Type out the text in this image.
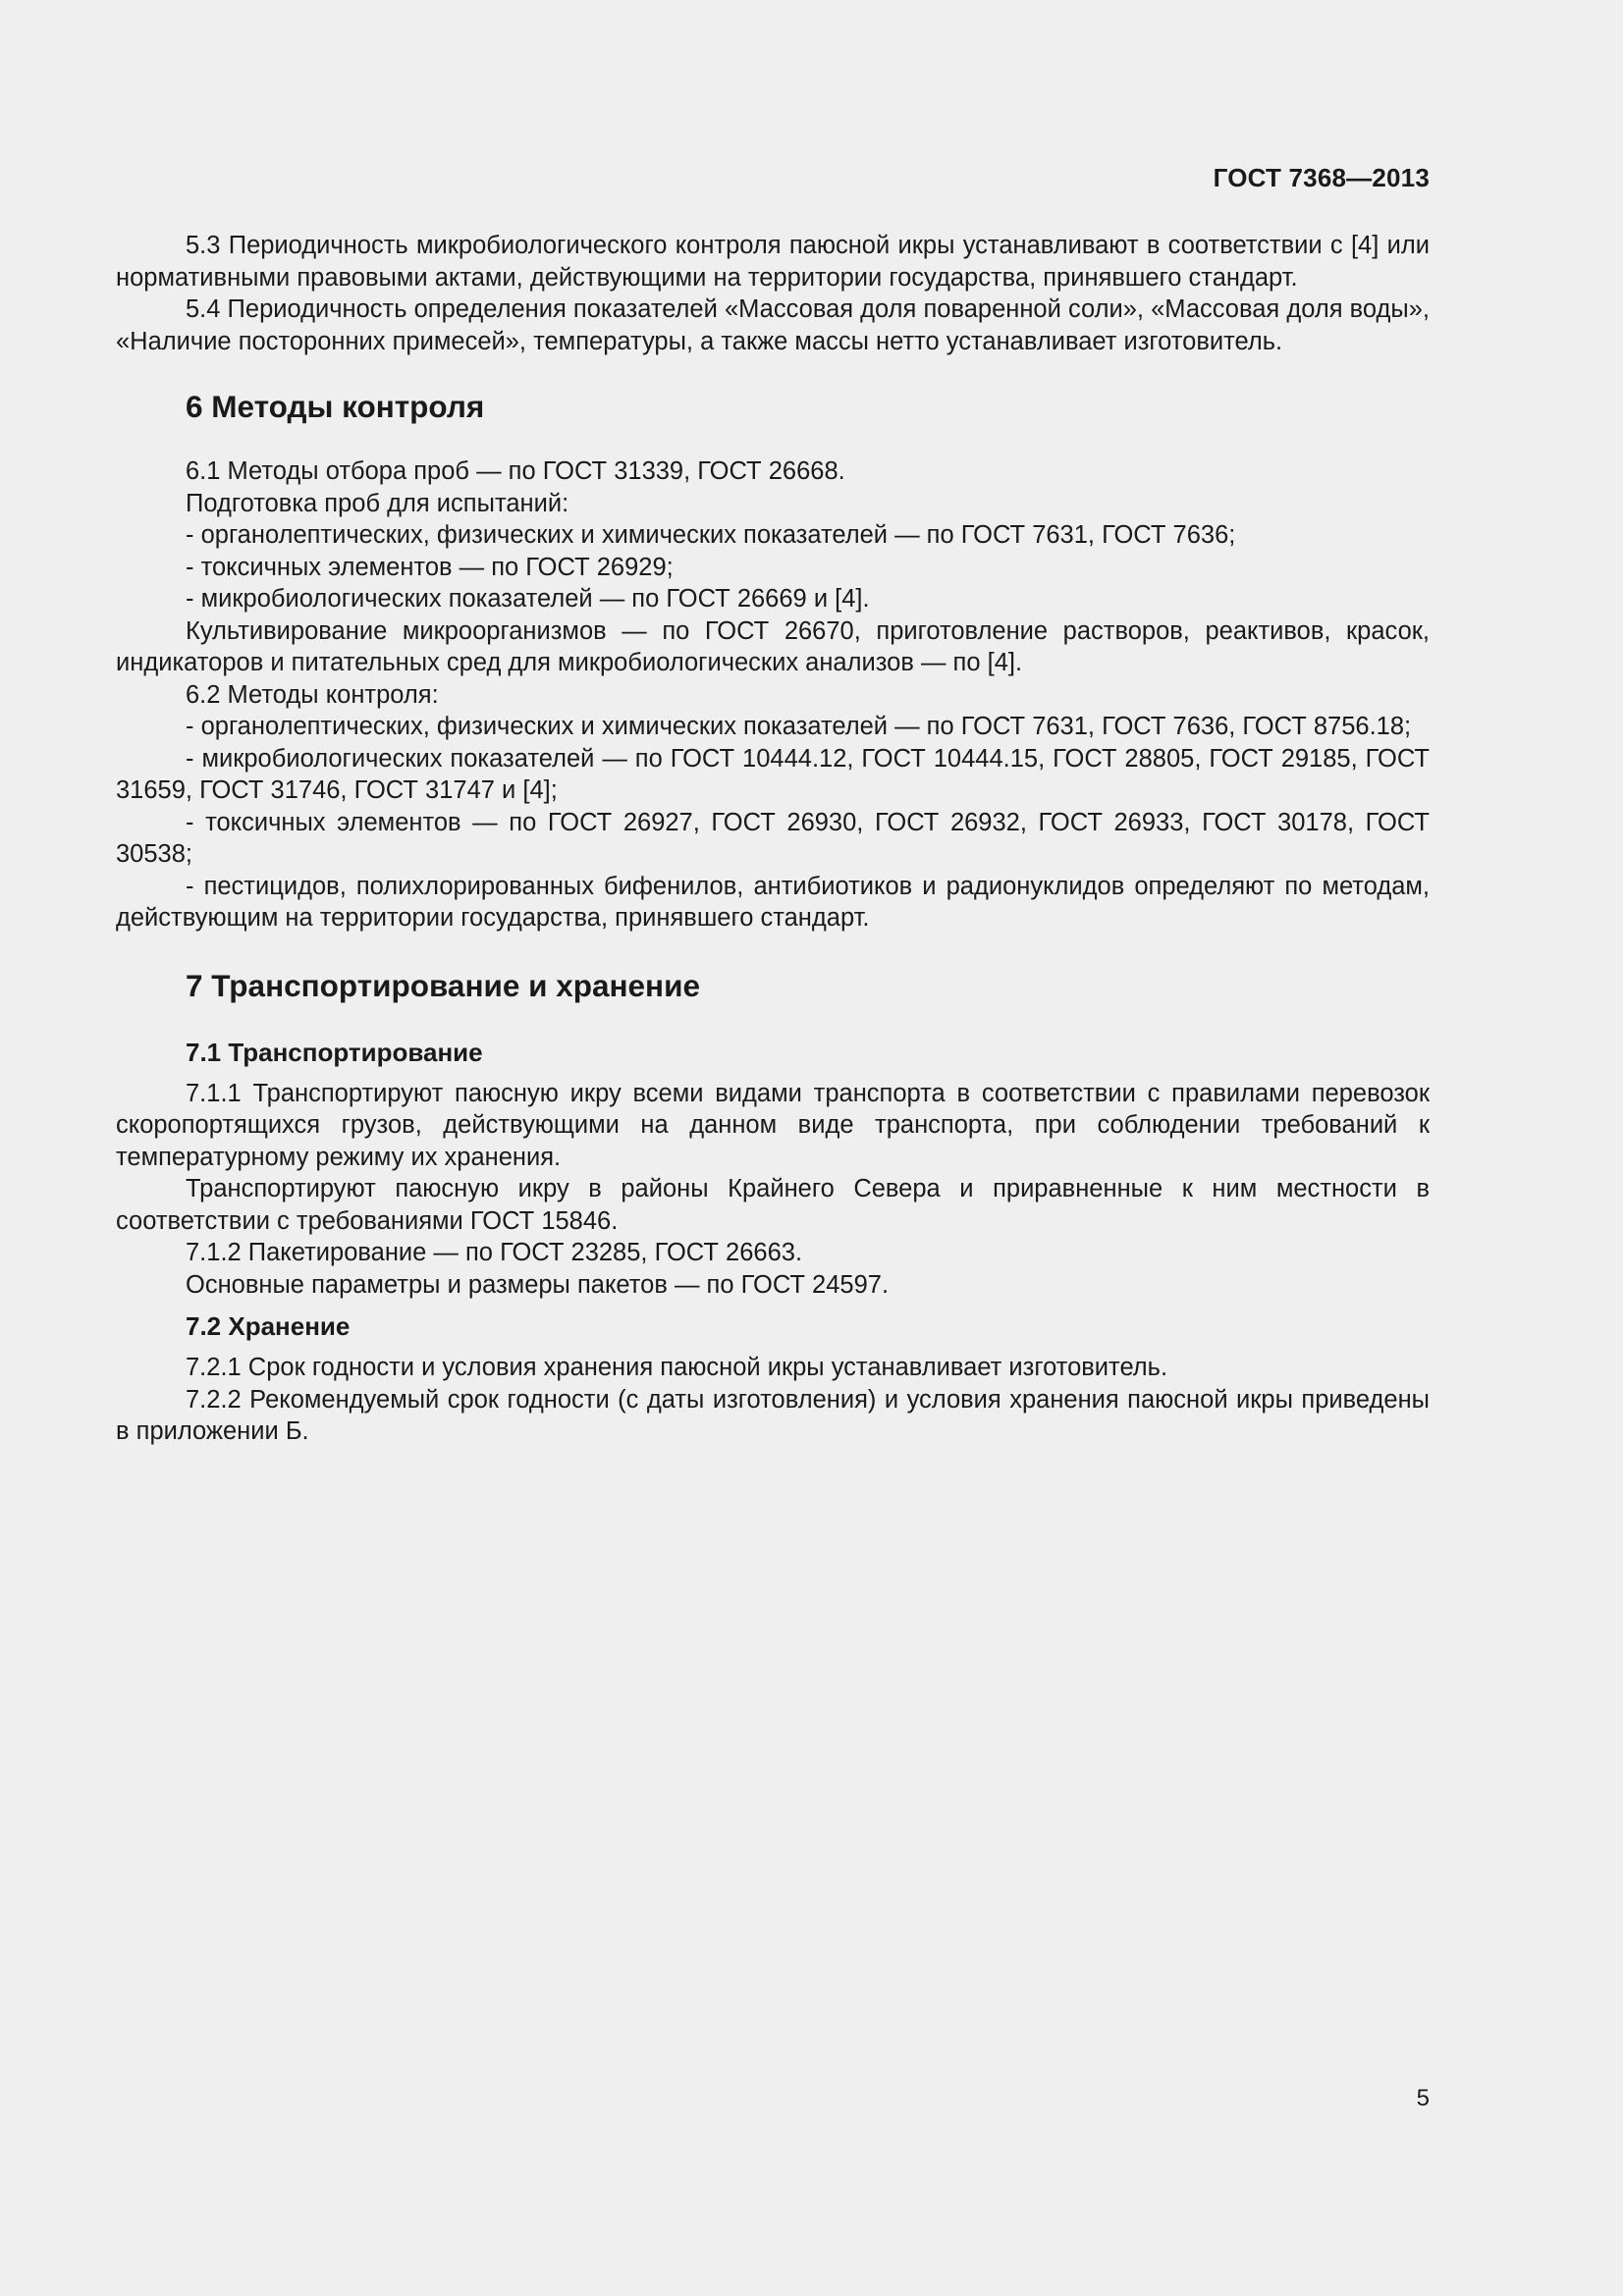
ГОСТ 7368—2013

5.3 Периодичность микробиологического контроля паюсной икры устанавливают в соответствии с [4] или нормативными правовыми актами, действующими на территории государства, принявшего стандарт.

5.4 Периодичность определения показателей «Массовая доля поваренной соли», «Массовая доля воды», «Наличие посторонних примесей», температуры, а также массы нетто устанавливает изготовитель.

6 Методы контроля

6.1 Методы отбора проб — по ГОСТ 31339, ГОСТ 26668.

Подготовка проб для испытаний:

- органолептических, физических и химических показателей — по ГОСТ 7631, ГОСТ 7636;

- токсичных элементов — по ГОСТ 26929;

- микробиологических показателей — по ГОСТ 26669 и [4].

Культивирование микроорганизмов — по ГОСТ 26670, приготовление растворов, реактивов, красок, индикаторов и питательных сред для микробиологических анализов — по [4].

6.2 Методы контроля:

- органолептических, физических и химических показателей — по ГОСТ 7631, ГОСТ 7636, ГОСТ 8756.18;

- микробиологических показателей — по ГОСТ 10444.12, ГОСТ 10444.15, ГОСТ 28805, ГОСТ 29185, ГОСТ 31659, ГОСТ 31746, ГОСТ 31747 и [4];

- токсичных элементов — по ГОСТ 26927, ГОСТ 26930, ГОСТ 26932, ГОСТ 26933, ГОСТ 30178, ГОСТ 30538;

- пестицидов, полихлорированных бифенилов, антибиотиков и радионуклидов определяют по методам, действующим на территории государства, принявшего стандарт.

7 Транспортирование и хранение
7.1 Транспортирование

7.1.1 Транспортируют паюсную икру всеми видами транспорта в соответствии с правилами перевозок скоропортящихся грузов, действующими на данном виде транспорта, при соблюдении требований к температурному режиму их хранения.

Транспортируют паюсную икру в районы Крайнего Севера и приравненные к ним местности в соответствии с требованиями ГОСТ 15846.

7.1.2 Пакетирование — по ГОСТ 23285, ГОСТ 26663.

Основные параметры и размеры пакетов — по ГОСТ 24597.

7.2 Хранение

7.2.1 Срок годности и условия хранения паюсной икры устанавливает изготовитель.

7.2.2 Рекомендуемый срок годности (с даты изготовления) и условия хранения паюсной икры приведены в приложении Б.

5
